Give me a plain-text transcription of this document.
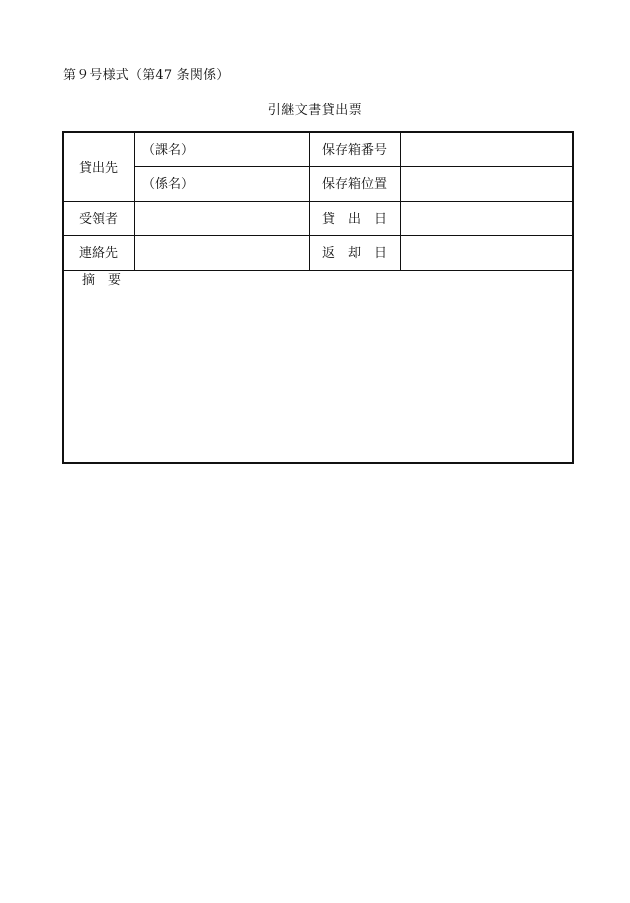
第９号様式（第47 条関係）
引継文書貸出票
貸出先
（課名）
（係名）
保存箱番号
保存箱位置
受領者	貸　出　日
連絡先	返　却　日
摘　要
